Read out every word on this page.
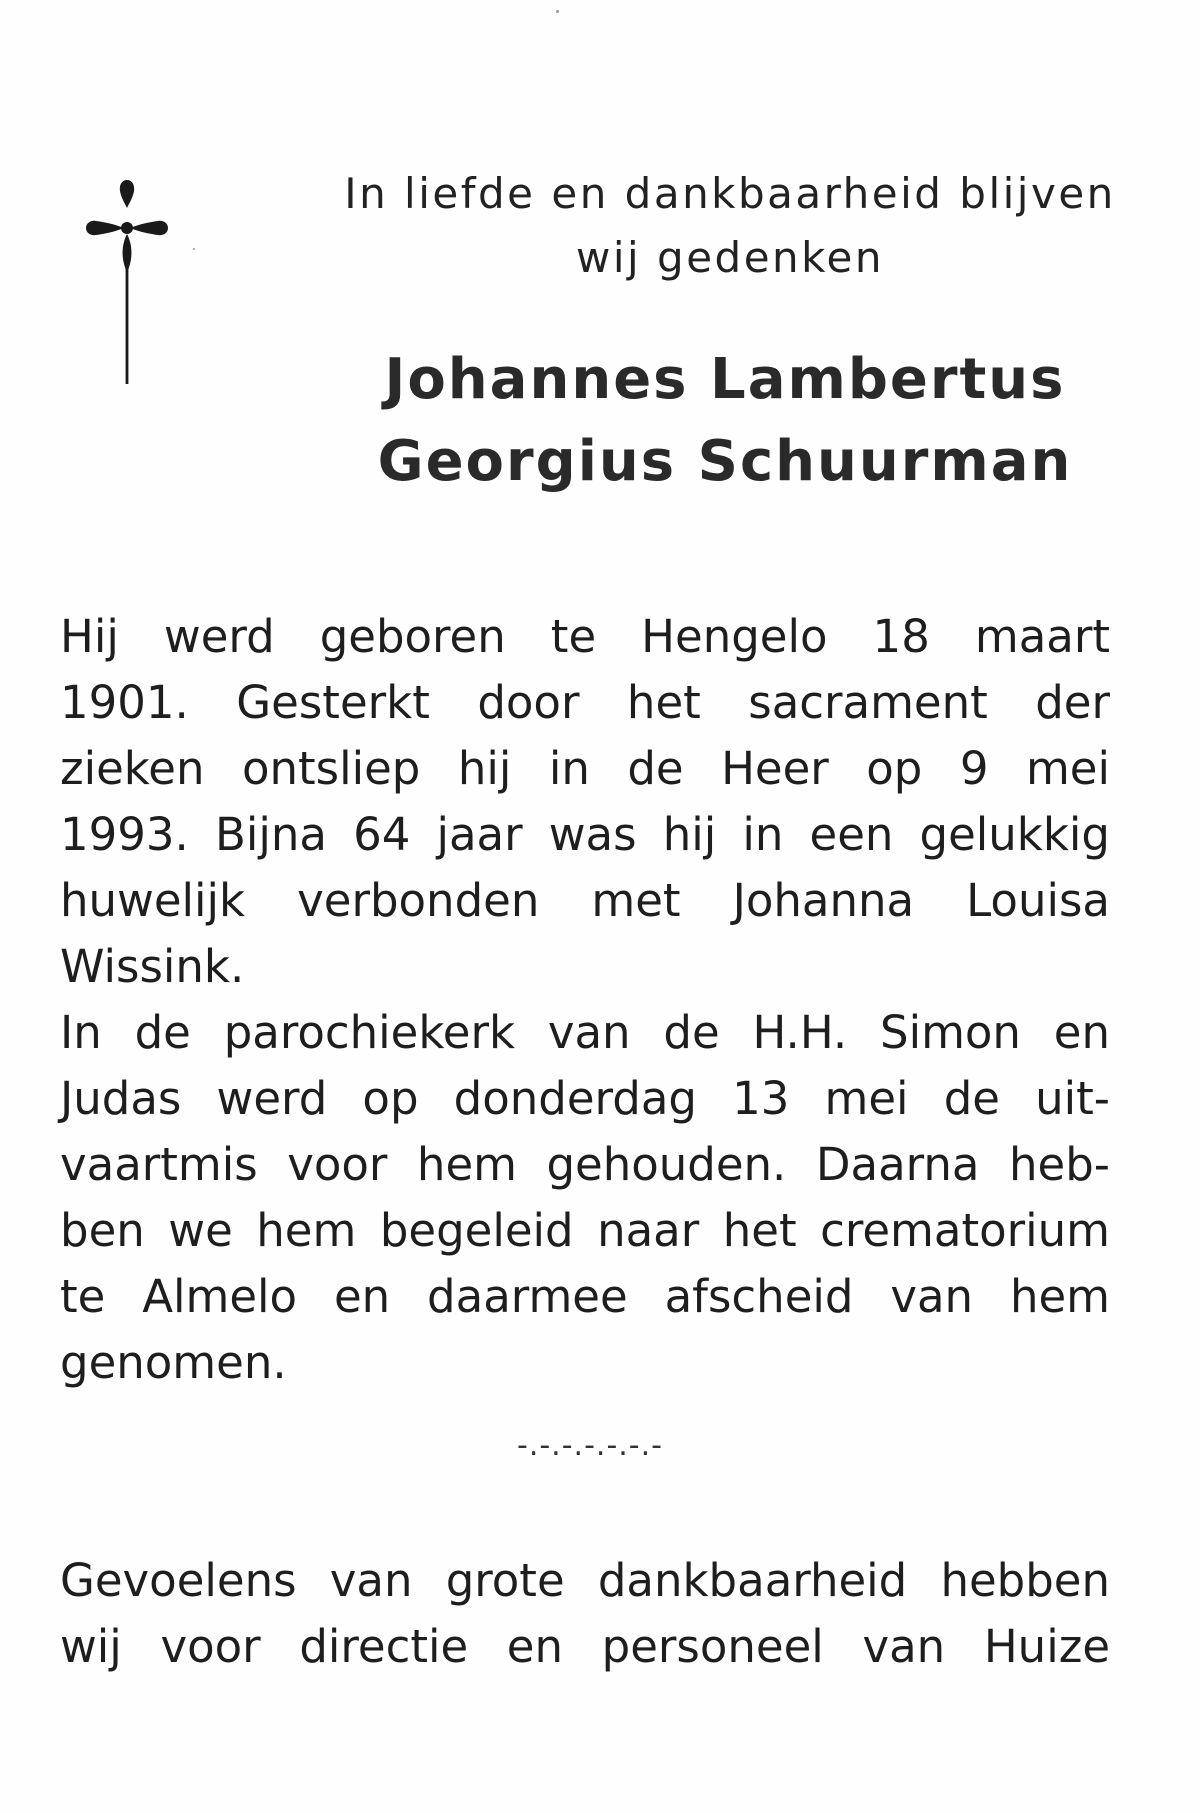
In liefde en dankbaarheid blijven
wij gedenken
Johannes Lambertus
Georgius Schuurman
Hij werd geboren te Hengelo 18 maart
1901. Gesterkt door het sacrament der
zieken ontsliep hij in de Heer op 9 mei
1993. Bijna 64 jaar was hij in een gelukkig
huwelijk verbonden met Johanna Louisa
Wissink.
In de parochiekerk van de H.H. Simon en
Judas werd op donderdag 13 mei de uit-
vaartmis voor hem gehouden. Daarna heb-
ben we hem begeleid naar het crematorium
te Almelo en daarmee afscheid van hem
genomen.
-.-.-.-.-.-.-
Gevoelens van grote dankbaarheid hebben
wij voor directie en personeel van Huize
